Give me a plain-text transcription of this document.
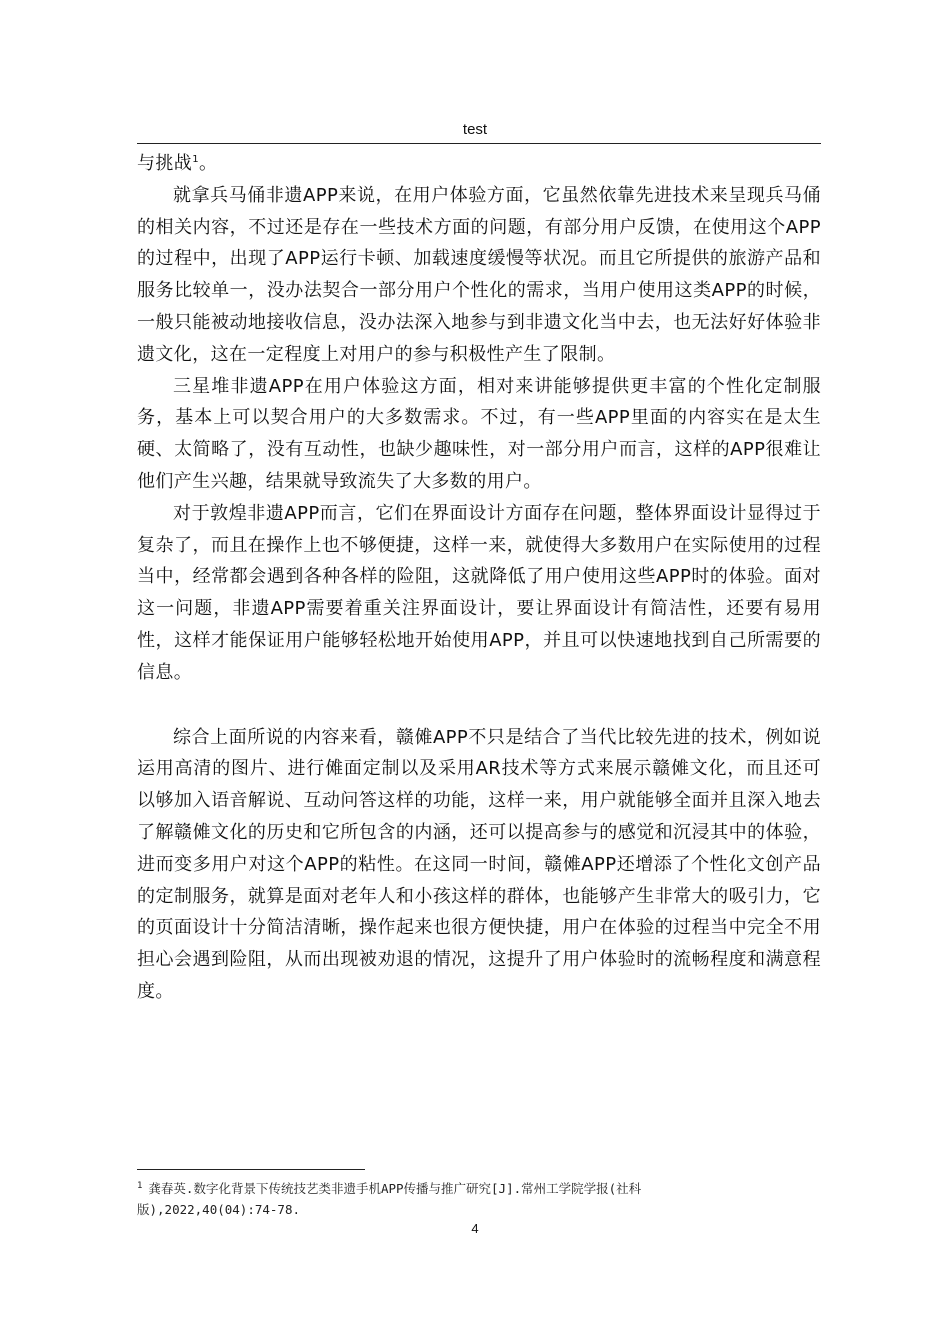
test

与挑战$^1$。

就拿兵马俑非遗APP来说，在用户体验方面，它虽然依靠先进技术来呈现兵马俑的相关内容，不过还是存在一些技术方面的问题，有部分用户反馈，在使用这个APP的过程中，出现了APP运行卡顿、加载速度缓慢等状况。而且它所提供的旅游产品和服务比较单一，没办法契合一部分用户个性化的需求，当用户使用这类APP的时候，一般只能被动地接收信息，没办法深入地参与到非遗文化当中去，也无法好好体验非遗文化，这在一定程度上对用户的参与积极性产生了限制。

三星堆非遗APP在用户体验这方面，相对来讲能够提供更丰富的个性化定制服务，基本上可以契合用户的大多数需求。不过，有一些APP里面的内容实在是太生硬、太简略了，没有互动性，也缺少趣味性，对一部分用户而言，这样的APP很难让他们产生兴趣，结果就导致流失了大多数的用户。

对于敦煌非遗APP而言，它们在界面设计方面存在问题，整体界面设计显得过于复杂了，而且在操作上也不够便捷，这样一来，就使得大多数用户在实际使用的过程当中，经常都会遇到各种各样的险阻，这就降低了用户使用这些APP时的体验。面对这一问题，非遗APP需要着重关注界面设计，要让界面设计有简洁性，还要有易用性，这样才能保证用户能够轻松地开始使用APP，并且可以快速地找到自己所需要的信息。

综合上面所说的内容来看，赣傩APP不只是结合了当代比较先进的技术，例如说运用高清的图片、进行傩面定制以及采用AR技术等方式来展示赣傩文化，而且还可以够加入语音解说、互动问答这样的功能，这样一来，用户就能够全面并且深入地去了解赣傩文化的历史和它所包含的内涵，还可以提高参与的感觉和沉浸其中的体验，进而变多用户对这个APP的粘性。在这同一时间，赣傩APP还增添了个性化文创产品的定制服务，就算是面对老年人和小孩这样的群体，也能够产生非常大的吸引力，它的页面设计十分简洁清晰，操作起来也很方便快捷，用户在体验的过程当中完全不用担心会遇到险阻，从而出现被劝退的情况，这提升了用户体验时的流畅程度和满意程度。

$^1$ 龚春英.数字化背景下传统技艺类非遗手机APP传播与推广研究[J].常州工学院学报(社科版),2022,40(04):74-78.
4
